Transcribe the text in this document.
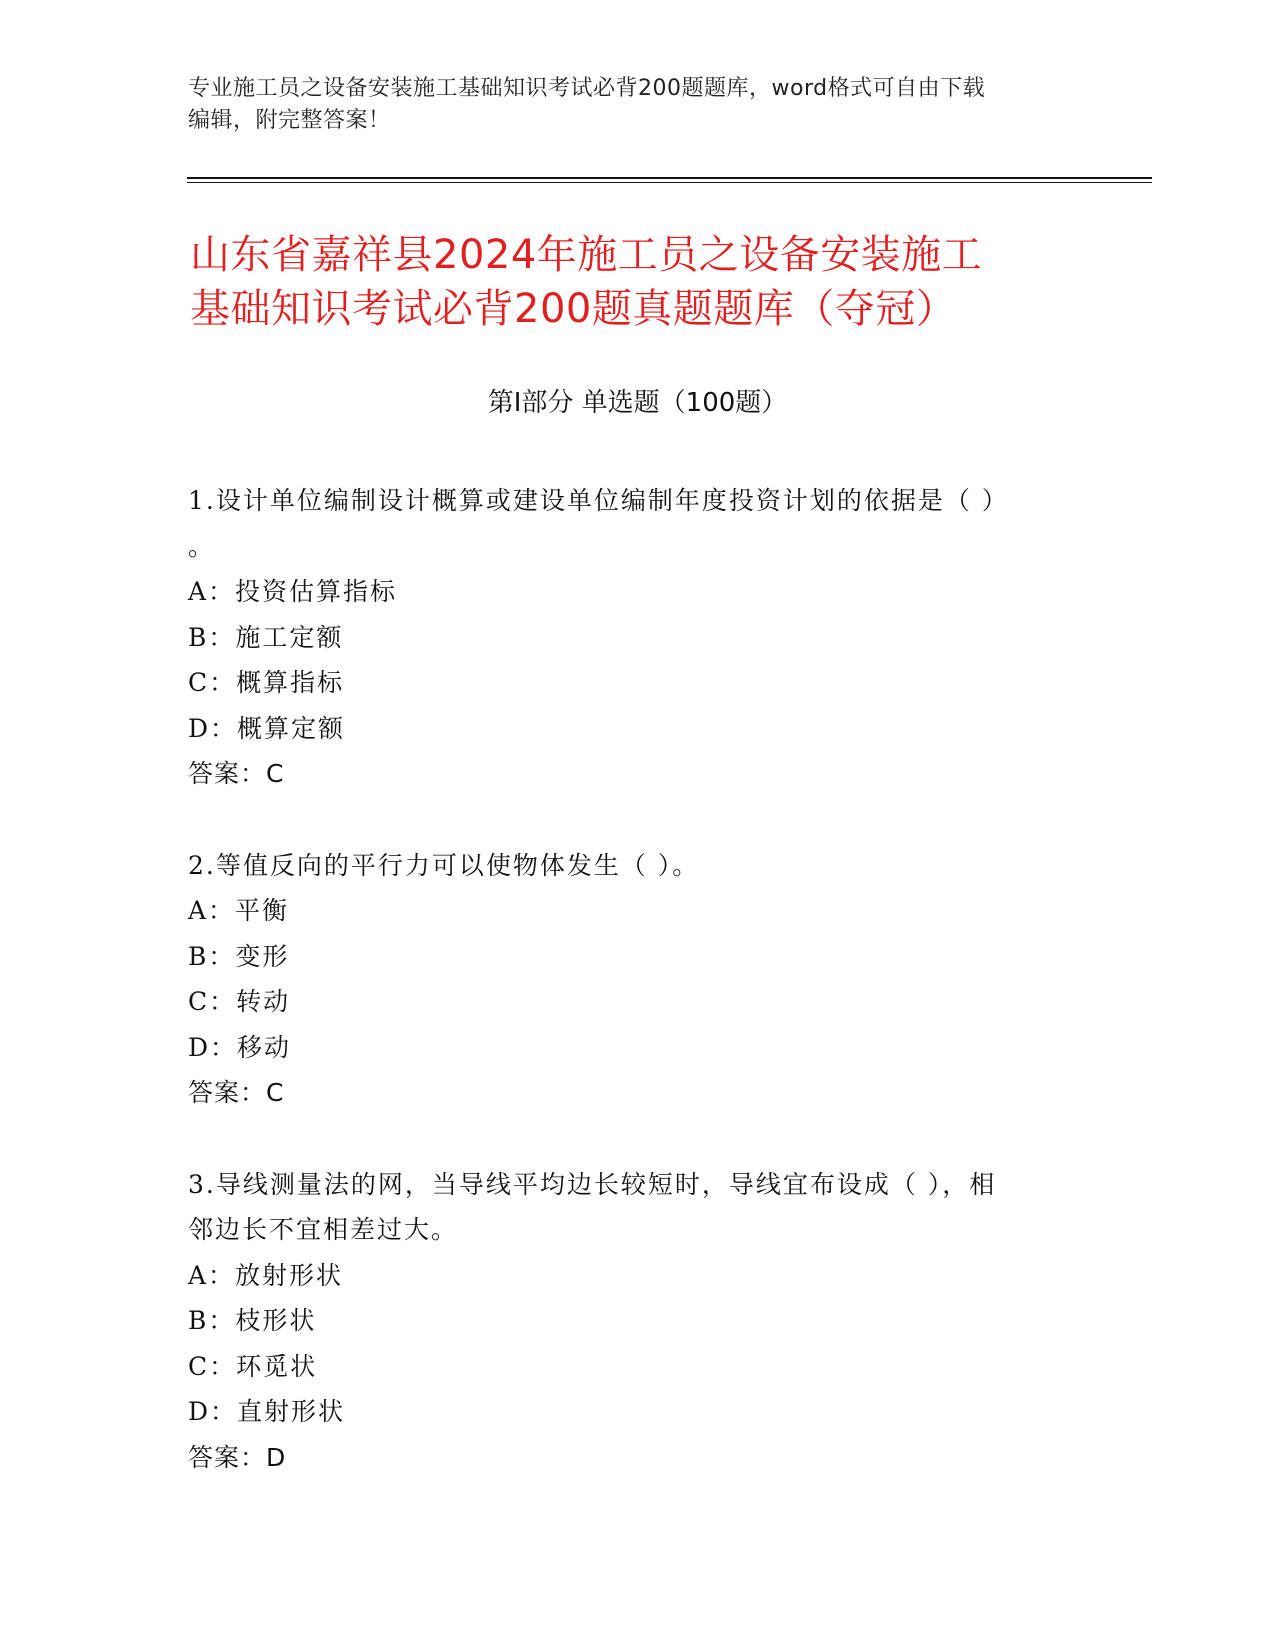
专业施工员之设备安装施工基础知识考试必背200题题库，word格式可自由下载
编辑，附完整答案！
山东省嘉祥县2024年施工员之设备安装施工
基础知识考试必背200题真题题库（夺冠）
第Ⅰ部分 单选题（100题）
1.设计单位编制设计概算或建设单位编制年度投资计划的依据是（ ）
。
A：投资估算指标
B：施工定额
C：概算指标
D：概算定额
答案：C
2.等值反向的平行力可以使物体发生（ ）。
A：平衡
B：变形
C：转动
D：移动
答案：C
3.导线测量法的网，当导线平均边长较短时，导线宜布设成（ ），相
邻边长不宜相差过大。
A：放射形状
B：枝形状
C：环觅状
D：直射形状
答案：D
